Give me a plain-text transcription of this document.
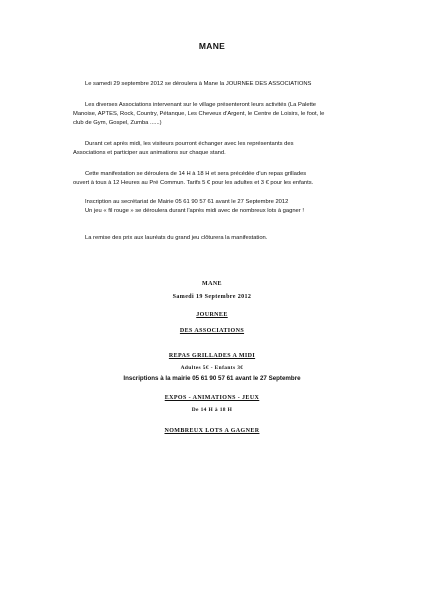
MANE
Le samedi 29 septembre 2012 se déroulera à Mane la JOURNEE DES ASSOCIATIONS
Les diverses Associations intervenant sur le village présenteront leurs activités (La Palette
Manoise, APTES, Rock, Country, Pétanque, Les Cheveux d'Argent, le Centre de Loisirs, le foot, le
club de Gym, Gospel, Zumba ......)
Durant cet après midi, les visiteurs pourront échanger avec les représentants des
Associations et participer aux animations sur chaque stand.
Cette manifestation se déroulera de 14 H à 18 H et sera précédée d'un repas grillades
ouvert à tous à 12 Heures au Pré Commun. Tarifs 5 € pour les adultes et 3 € pour les enfants.
Inscription au secrétariat de Mairie 05 61 90 57 61 avant le 27 Septembre 2012
Un jeu « fil rouge » se déroulera durant l'après midi avec de nombreux lots à gagner !
La remise des prix aux lauréats du grand jeu clôturera la manifestation.
MANE
Samedi 19 Septembre 2012
JOURNEE
DES ASSOCIATIONS
REPAS GRILLADES A MIDI
Adultes 5€ - Enfants 3€
Inscriptions à la mairie 05 61 90 57 61 avant le 27 Septembre
EXPOS - ANIMATIONS - JEUX
De 14 H à 18 H
NOMBREUX LOTS A GAGNER
